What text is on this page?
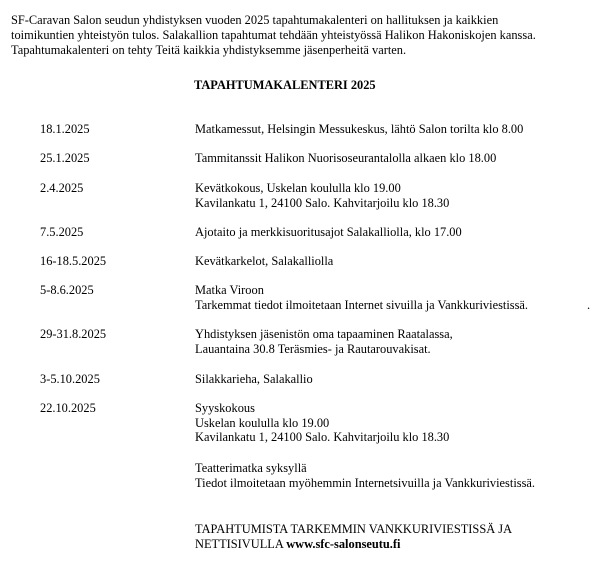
SF-Caravan Salon seudun yhdistyksen vuoden 2025 tapahtumakalenteri on hallituksen ja kaikkien
toimikuntien yhteistyön tulos. Salakallion tapahtumat tehdään yhteistyössä Halikon Hakoniskojen kanssa.
Tapahtumakalenteri on tehty Teitä kaikkia yhdistyksemme jäsenperheitä varten.
TAPAHTUMAKALENTERI 2025
18.1.2025	Matkamessut, Helsingin Messukeskus, lähtö Salon torilta klo 8.00
25.1.2025	Tammitanssit Halikon Nuorisoseurantalolla alkaen klo 18.00
2.4.2025	Kevätkokous, Uskelan koululla klo 19.00
Kavilankatu 1, 24100 Salo. Kahvitarjoilu klo 18.30
7.5.2025	Ajotaito ja merkkisuoritusajot Salakalliolla, klo 17.00
16-18.5.2025	Kevätkarkelot, Salakalliolla
5-8.6.2025	Matka Viroon
Tarkemmat tiedot ilmoitetaan Internet sivuilla ja Vankkuriviestissä.	.
29-31.8.2025	Yhdistyksen jäsenistön oma tapaaminen Raatalassa,
Lauantaina 30.8 Teräsmies- ja Rautarouvakisat.
3-5.10.2025	Silakkarieha, Salakallio
22.10.2025	Syyskokous
Uskelan koululla klo 19.00
Kavilankatu 1, 24100 Salo. Kahvitarjoilu klo 18.30
Teatterimatka syksyllä
Tiedot ilmoitetaan myöhemmin Internetsivuilla ja Vankkuriviestissä.
TAPAHTUMISTA TARKEMMIN VANKKURIVIESTISSÄ JA
NETTISIVULLA www.sfc-salonseutu.fi
